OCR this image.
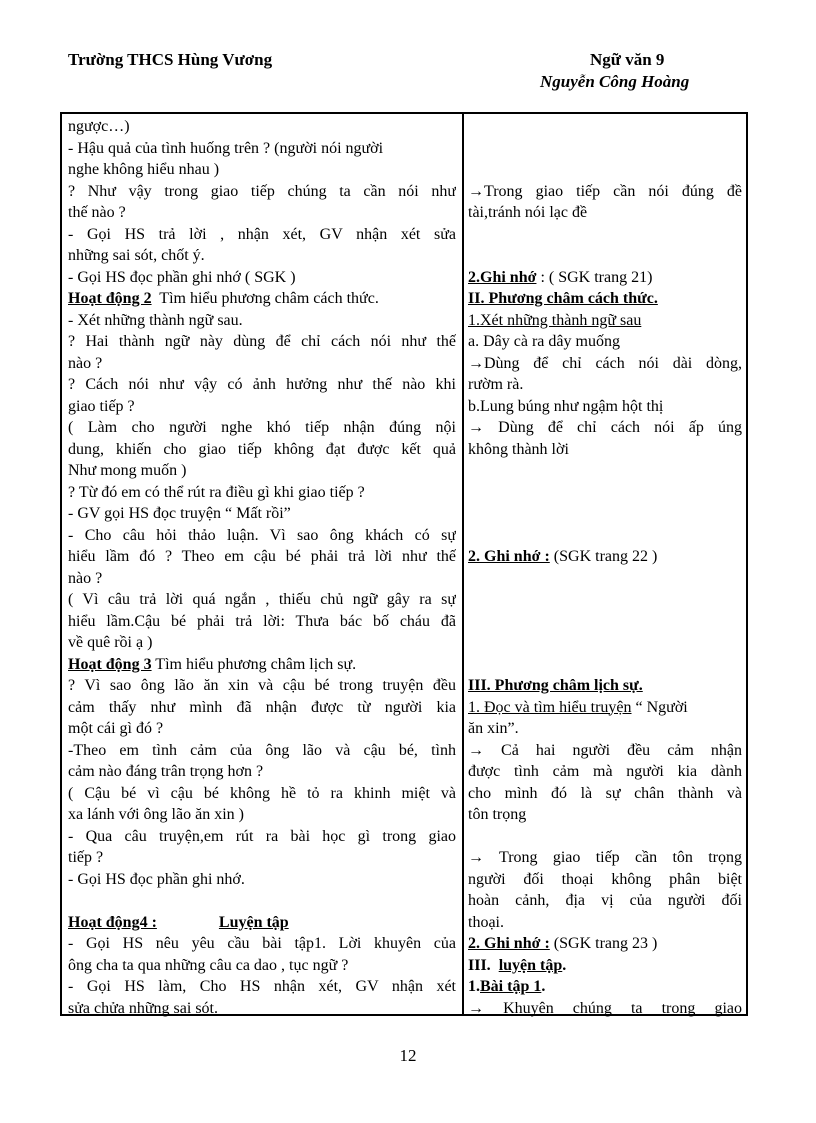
Trường THCS Hùng Vương	Ngữ văn 9
Nguyễn Công Hoàng
ngược…)
- Hậu quả của tình huống trên ? (người nói người
nghe không hiểu nhau )
? Như vậy trong giao tiếp chúng ta cần nói như
thế nào ?
- Gọi HS trả lời , nhận xét, GV nhận xét sửa
những sai sót, chốt ý.
- Gọi HS đọc phần ghi nhớ ( SGK )
Hoạt động 2 Tìm hiểu phương châm cách thức.
- Xét những thành ngữ sau.
? Hai thành ngữ này dùng để chỉ cách nói như thế
nào ?
? Cách nói như vậy có ảnh hưởng như thế nào khi
giao tiếp ?
( Làm cho người nghe khó tiếp nhận đúng nội
dung, khiến cho giao tiếp không đạt được kết quả
Như mong muốn )
? Từ đó em có thể rút ra điều gì khi giao tiếp ?
- GV gọi HS đọc truyện “ Mất rồi”
- Cho câu hỏi thảo luận. Vì sao ông khách có sự
hiểu lầm đó ? Theo em cậu bé phải trả lời như thế
nào ?
( Vì câu trả lời quá ngắn , thiếu chủ ngữ gây ra sự
hiểu lầm.Cậu bé phải trả lời: Thưa bác bố cháu đã
về quê rồi ạ )
Hoạt động 3 Tìm hiểu phương châm lịch sự.
? Vì sao ông lão ăn xin và cậu bé trong truyện đều
cảm thấy như mình đã nhận được từ người kia
một cái gì đó ?
-Theo em tình cảm của ông lão và cậu bé, tình
cảm nào đáng trân trọng hơn ?
( Cậu bé vì cậu bé không hề tỏ ra khinh miệt và
xa lánh với ông lão ăn xin )
- Qua câu truyện,em rút ra bài học gì trong giao
tiếp ?
- Gọi HS đọc phần ghi nhớ.
Hoạt động4 :	Luyện tập
- Gọi HS nêu yêu cầu bài tập1. Lời khuyên của
ông cha ta qua những câu ca dao , tục ngữ ?
- Gọi HS làm, Cho HS nhận xét, GV nhận xét
sửa chửa những sai sót.
→Trong giao tiếp cần nói đúng đề
tài,tránh nói lạc đề
2.Ghi nhớ : ( SGK trang 21)
II. Phương châm cách thức.
1.Xét những thành ngữ sau
a. Dây cà ra dây muống
→Dùng để chỉ cách nói dài dòng,
rườm rà.
b.Lung búng như ngậm hột thị
→ Dùng để chỉ cách nói ấp úng
không thành lời
2. Ghi nhớ : (SGK trang 22 )
III. Phương châm lịch sự.
1. Đọc và tìm hiểu truyện “ Người
ăn xin”.
→ Cả hai người đều cảm nhận
được tình cảm mà người kia dành
cho mình đó là sự chân thành và
tôn trọng
→ Trong giao tiếp cần tôn trọng
người đối thoại không phân biệt
hoàn cảnh, địa vị của người đối
thoại.
2. Ghi nhớ : (SGK trang 23 )
III. luyện tập.
1.Bài tập 1.
→ Khuyên chúng ta trong giao
12
